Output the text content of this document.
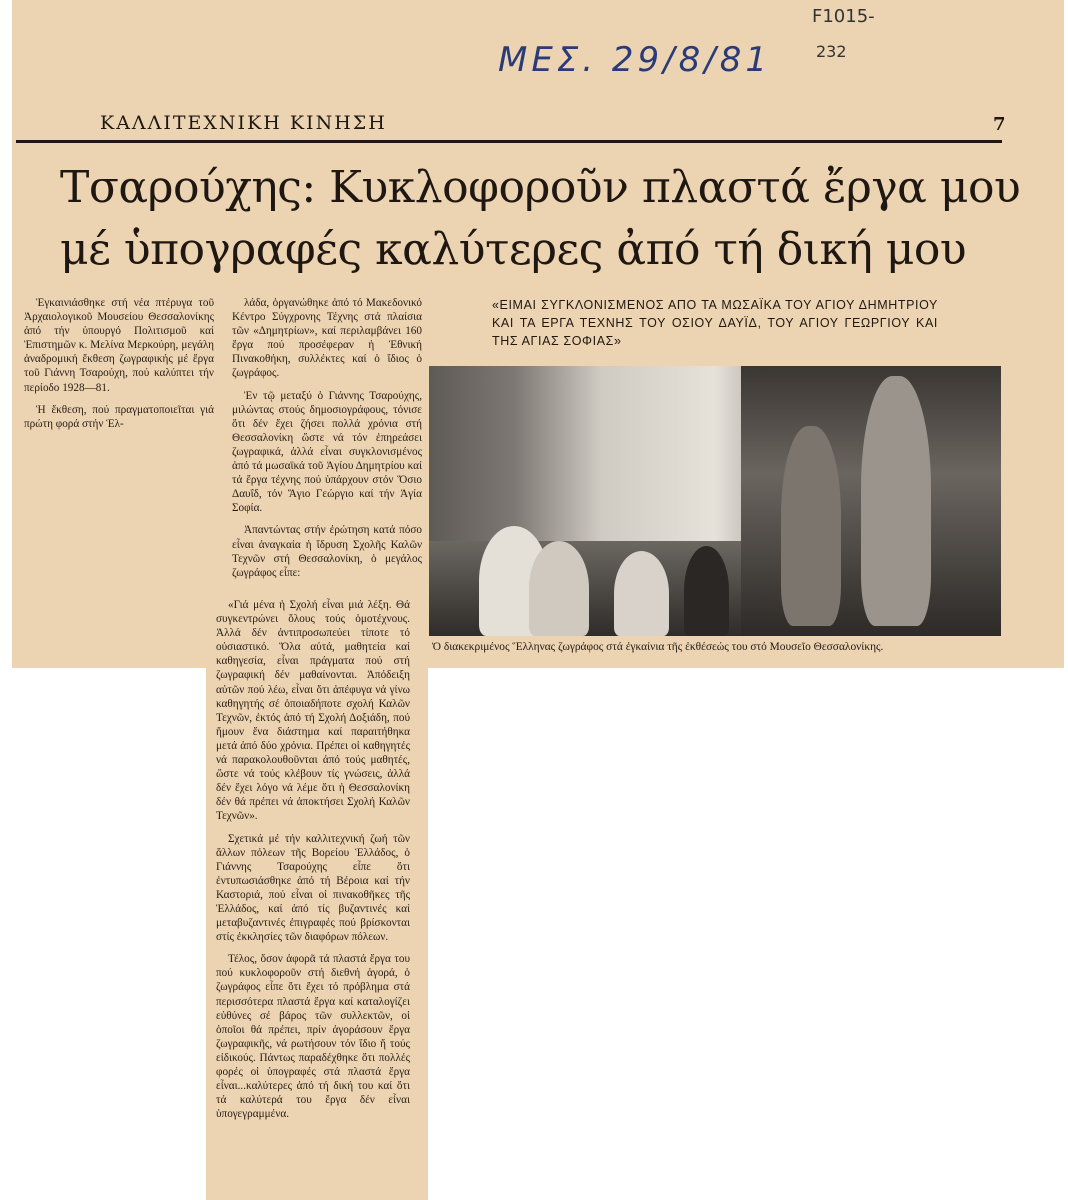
ΜΕΣ. 29/8/81
F1015-
232
ΚΑΛΛΙΤΕΧΝΙΚΗ ΚΙΝΗΣΗ	7
Τσαρούχης: Κυκλοφοροῦν πλαστά ἔργα μου
μέ ὑπογραφές καλύτερες ἀπό τή δική μου
«ΕΙΜΑΙ ΣΥΓΚΛΟΝΙΣΜΕΝΟΣ ΑΠΟ ΤΑ ΜΩΣΑΪΚΑ ΤΟΥ ΑΓΙΟΥ ΔΗΜΗΤΡΙΟΥ ΚΑΙ ΤΑ ΕΡΓΑ ΤΕΧΝΗΣ ΤΟΥ ΟΣΙΟΥ ΔΑΥΪΔ, ΤΟΥ ΑΓΙΟΥ ΓΕΩΡΓΙΟΥ ΚΑΙ ΤΗΣ ΑΓΙΑΣ ΣΟΦΙΑΣ»

Ἐγκαινιάσθηκε στή νέα πτέρυγα τοῦ Ἀρχαιολογικοῦ Μουσείου Θεσσαλονίκης ἀπό τήν ὑπουργό Πολιτισμοῦ καί Ἐπιστημῶν κ. Μελίνα Μερκούρη, μεγάλη ἀναδρομική ἔκθεση ζωγραφικής μέ ἔργα τοῦ Γιάννη Τσαρούχη, πού καλύπτει τήν περίοδο 1928—81.

Ἡ ἔκθεση, πού πραγματοποιεῖται γιά πρώτη φορά στήν Ἑλ-

λάδα, ὀργανώθηκε ἀπό τό Μακεδονικό Κέντρο Σύγχρονης Τέχνης στά πλαίσια τῶν «Δημητρίων», καί περιλαμβάνει 160 ἔργα πού προσέφεραν ἡ Ἐθνική Πινακοθήκη, συλλέκτες καί ὁ ἴδιος ὁ ζωγράφος.

Ἐν τῷ μεταξύ ὁ Γιάννης Τσαρούχης, μιλώντας στούς δημοσιογράφους, τόνισε ὅτι δέν ἔχει ζήσει πολλά χρόνια στή Θεσσαλονίκη ὥστε νά τόν ἐπηρεάσει ζωγραφικά, ἀλλά εἶναι συγκλονισμένος ἀπό τά μωσαϊκά τοῦ Ἁγίου Δημητρίου καί τά ἔργα τέχνης πού ὑπάρχουν στόν Ὅσιο Δαυΐδ, τόν Ἅγιο Γεώργιο καί τήν Ἁγία Σοφία.

Ἀπαντώντας στήν ἐρώτηση κατά πόσο εἶναι ἀναγκαία ἡ ἵδρυση Σχολῆς Καλῶν Τεχνῶν στή Θεσσαλονίκη, ὁ μεγάλος ζωγράφος εἶπε:

«Γιά μένα ἡ Σχολή εἶναι μιά λέξη. Θά συγκεντρώνει ὅλους τούς ὁμοτέχνους. Ἀλλά δέν ἀντιπροσωπεύει τίποτε τό οὐσιαστικό. Ὅλα αὐτά, μαθητεία καί καθηγεσία, εἶναι πράγματα πού στή ζωγραφική δέν μαθαίνονται. Ἀπόδειξη αὐτῶν πού λέω, εἶναι ὅτι ἀπέφυγα νά γίνω καθηγητής σέ ὁποιαδήποτε σχολή Καλῶν Τεχνῶν, ἐκτός ἀπό τή Σχολή Δοξιάδη, πού ἤμουν ἕνα διάστημα καί παραιτήθηκα μετά ἀπό δύο χρόνια. Πρέπει οἱ καθηγητές νά παρακολουθοῦνται ἀπό τούς μαθητές, ὥστε νά τούς κλέβουν τίς γνώσεις, ἀλλά δέν ἔχει λόγο νά λέμε ὅτι ἡ Θεσσαλονίκη δέν θά πρέπει νά ἀποκτήσει Σχολή Καλῶν Τεχνῶν».

Σχετικά μέ τήν καλλιτεχνική ζωή τῶν ἄλλων πόλεων τῆς Βορείου Ἑλλάδος, ὁ Γιάννης Τσαρούχης εἶπε ὅτι ἐντυπωσιάσθηκε ἀπό τή Βέροια καί τήν Καστοριά, πού εἶναι οἱ πινακοθῆκες τῆς Ἑλλάδος, καί ἀπό τίς βυζαντινές καί μεταβυζαντινές ἐπιγραφές πού βρίσκονται στίς ἐκκλησίες τῶν διαφόρων πόλεων.

Τέλος, ὅσον ἀφορᾶ τά πλαστά ἔργα του πού κυκλοφοροῦν στή διεθνή ἀγορά, ὁ ζωγράφος εἶπε ὅτι ἔχει τό πρόβλημα στά περισσότερα πλαστά ἔργα καί καταλογίζει εὐθύνες σέ βάρος τῶν συλλεκτῶν, οἱ ὁποῖοι θά πρέπει, πρίν ἀγοράσουν ἔργα ζωγραφικῆς, νά ρωτήσουν τόν ἴδιο ἤ τούς εἰδικούς. Πάντως παραδέχθηκε ὅτι πολλές φορές οἱ ὑπογραφές στά πλαστά ἔργα εἶναι...καλύτερες ἀπό τή δική του καί ὅτι τά καλύτερά του ἔργα δέν εἶναι ὑπογεγραμμένα.

Ὁ διακεκριμένος Ἕλληνας ζωγράφος στά ἐγκαίνια τῆς ἐκθέσεώς του στό Μουσεῖο Θεσσαλονίκης.
